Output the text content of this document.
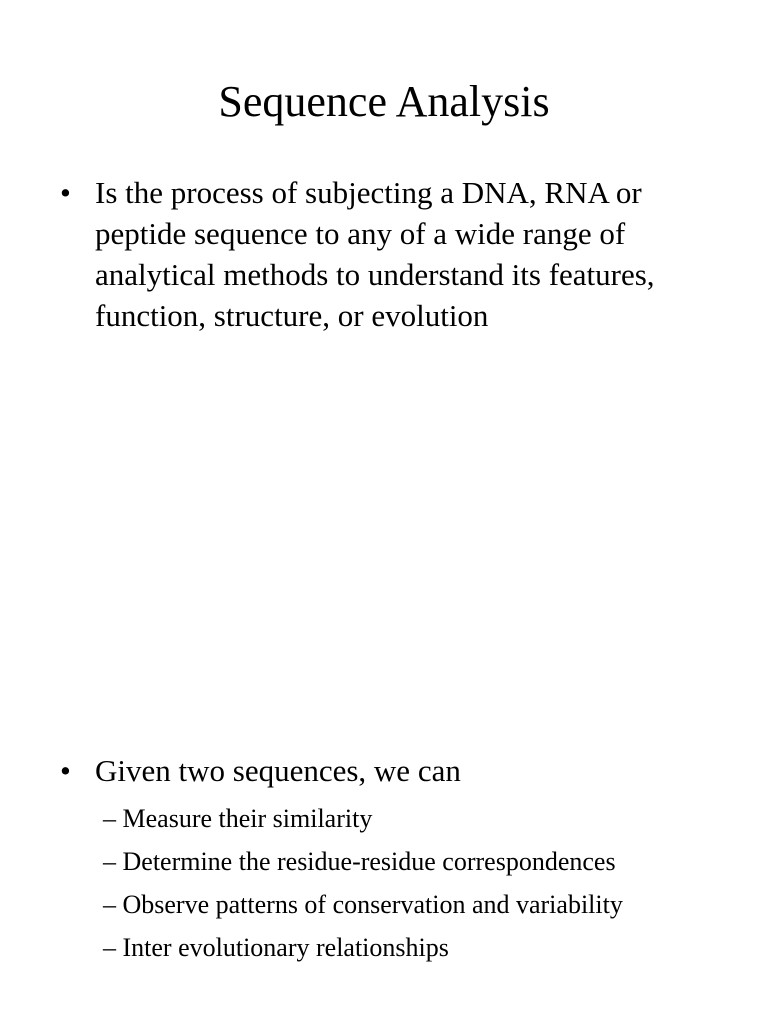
Sequence Analysis
• Is the process of subjecting a DNA, RNA or peptide sequence to any of a wide range of analytical methods to understand its features, function, structure, or evolution
• Given two sequences, we can
– Measure their similarity
– Determine the residue-residue correspondences
– Observe patterns of conservation and variability
– Inter evolutionary relationships
